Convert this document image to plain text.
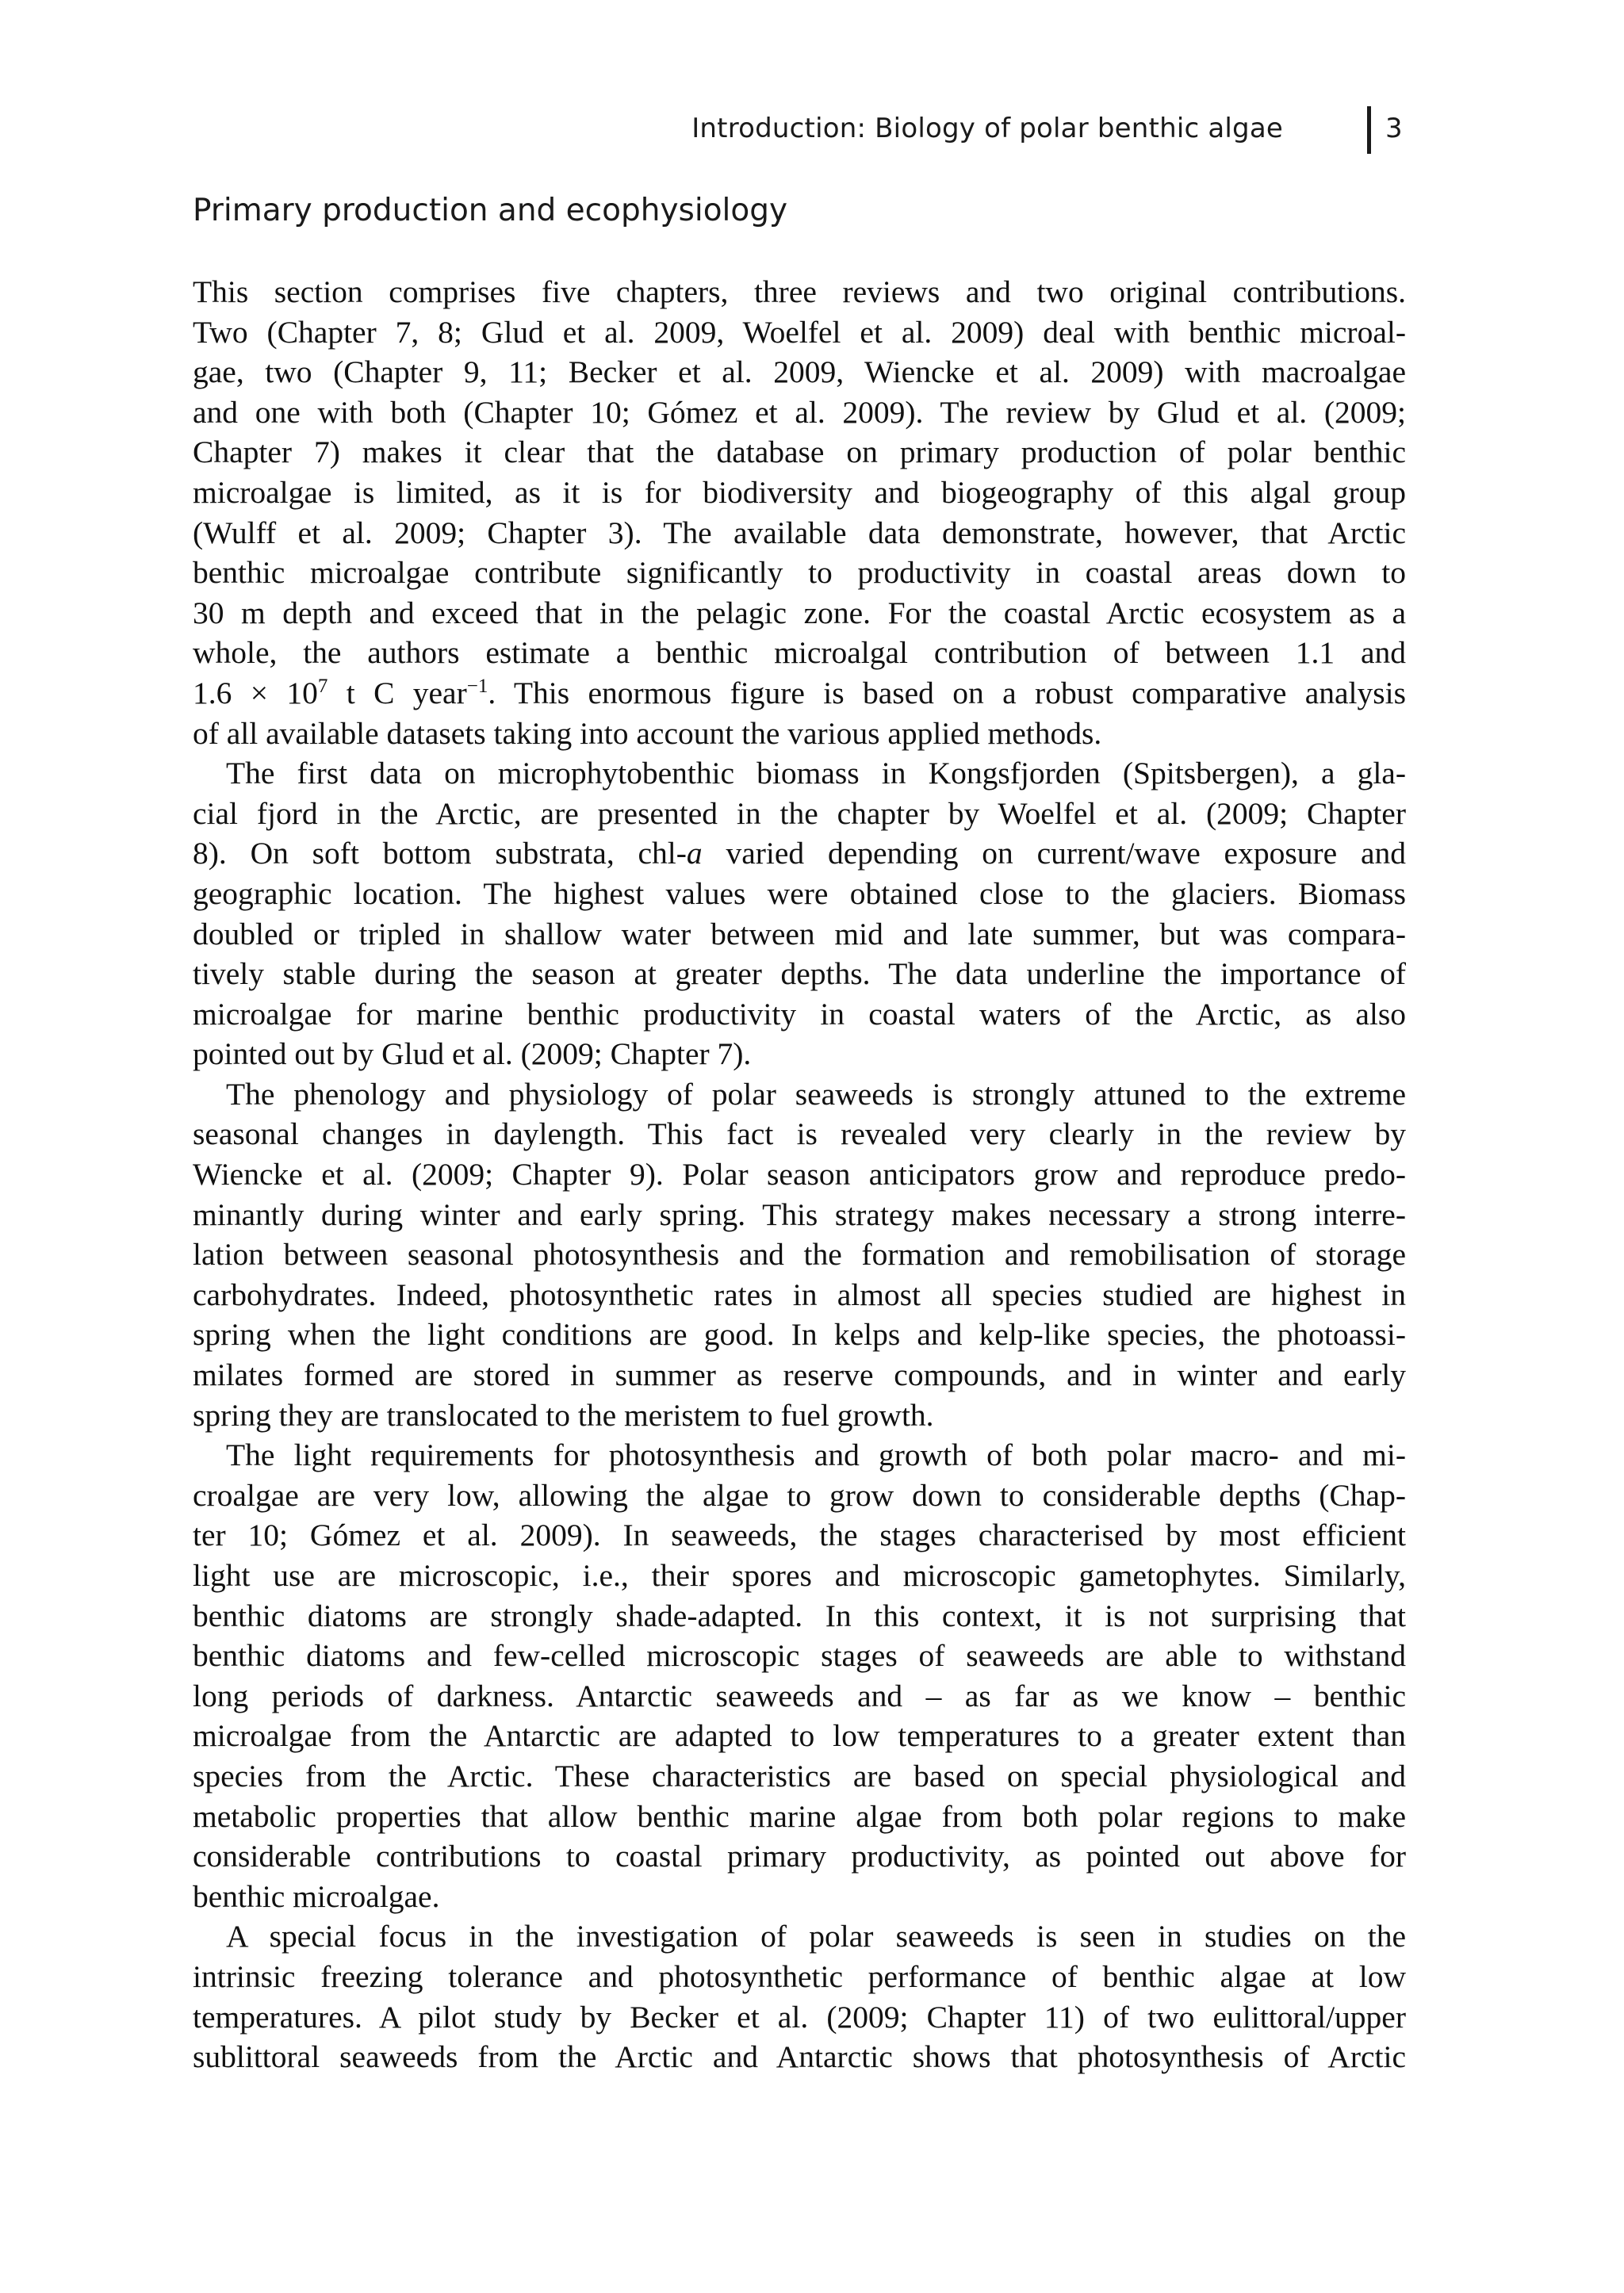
Introduction: Biology of polar benthic algae	3
Primary production and ecophysiology
This section comprises five chapters, three reviews and two original contributions.
Two (Chapter 7, 8; Glud et al. 2009, Woelfel et al. 2009) deal with benthic microal-
gae, two (Chapter 9, 11; Becker et al. 2009, Wiencke et al. 2009) with macroalgae
and one with both (Chapter 10; Gómez et al. 2009). The review by Glud et al. (2009;
Chapter 7) makes it clear that the database on primary production of polar benthic
microalgae is limited, as it is for biodiversity and biogeography of this algal group
(Wulff et al. 2009; Chapter 3). The available data demonstrate, however, that Arctic
benthic microalgae contribute significantly to productivity in coastal areas down to
30 m depth and exceed that in the pelagic zone. For the coastal Arctic ecosystem as a
whole, the authors estimate a benthic microalgal contribution of between 1.1 and
$1.6 \times 10^7$ t C year$^{-1}$. This enormous figure is based on a robust comparative analysis
of all available datasets taking into account the various applied methods.
The first data on microphytobenthic biomass in Kongsfjorden (Spitsbergen), a gla-
cial fjord in the Arctic, are presented in the chapter by Woelfel et al. (2009; Chapter
8). On soft bottom substrata, chl-a varied depending on current/wave exposure and
geographic location. The highest values were obtained close to the glaciers. Biomass
doubled or tripled in shallow water between mid and late summer, but was compara-
tively stable during the season at greater depths. The data underline the importance of
microalgae for marine benthic productivity in coastal waters of the Arctic, as also
pointed out by Glud et al. (2009; Chapter 7).
The phenology and physiology of polar seaweeds is strongly attuned to the extreme
seasonal changes in daylength. This fact is revealed very clearly in the review by
Wiencke et al. (2009; Chapter 9). Polar season anticipators grow and reproduce predo-
minantly during winter and early spring. This strategy makes necessary a strong interre-
lation between seasonal photosynthesis and the formation and remobilisation of storage
carbohydrates. Indeed, photosynthetic rates in almost all species studied are highest in
spring when the light conditions are good. In kelps and kelp-like species, the photoassi-
milates formed are stored in summer as reserve compounds, and in winter and early
spring they are translocated to the meristem to fuel growth.
The light requirements for photosynthesis and growth of both polar macro- and mi-
croalgae are very low, allowing the algae to grow down to considerable depths (Chap-
ter 10; Gómez et al. 2009). In seaweeds, the stages characterised by most efficient
light use are microscopic, i.e., their spores and microscopic gametophytes. Similarly,
benthic diatoms are strongly shade-adapted. In this context, it is not surprising that
benthic diatoms and few-celled microscopic stages of seaweeds are able to withstand
long periods of darkness. Antarctic seaweeds and – as far as we know – benthic
microalgae from the Antarctic are adapted to low temperatures to a greater extent than
species from the Arctic. These characteristics are based on special physiological and
metabolic properties that allow benthic marine algae from both polar regions to make
considerable contributions to coastal primary productivity, as pointed out above for
benthic microalgae.
A special focus in the investigation of polar seaweeds is seen in studies on the
intrinsic freezing tolerance and photosynthetic performance of benthic algae at low
temperatures. A pilot study by Becker et al. (2009; Chapter 11) of two eulittoral/upper
sublittoral seaweeds from the Arctic and Antarctic shows that photosynthesis of Arctic
